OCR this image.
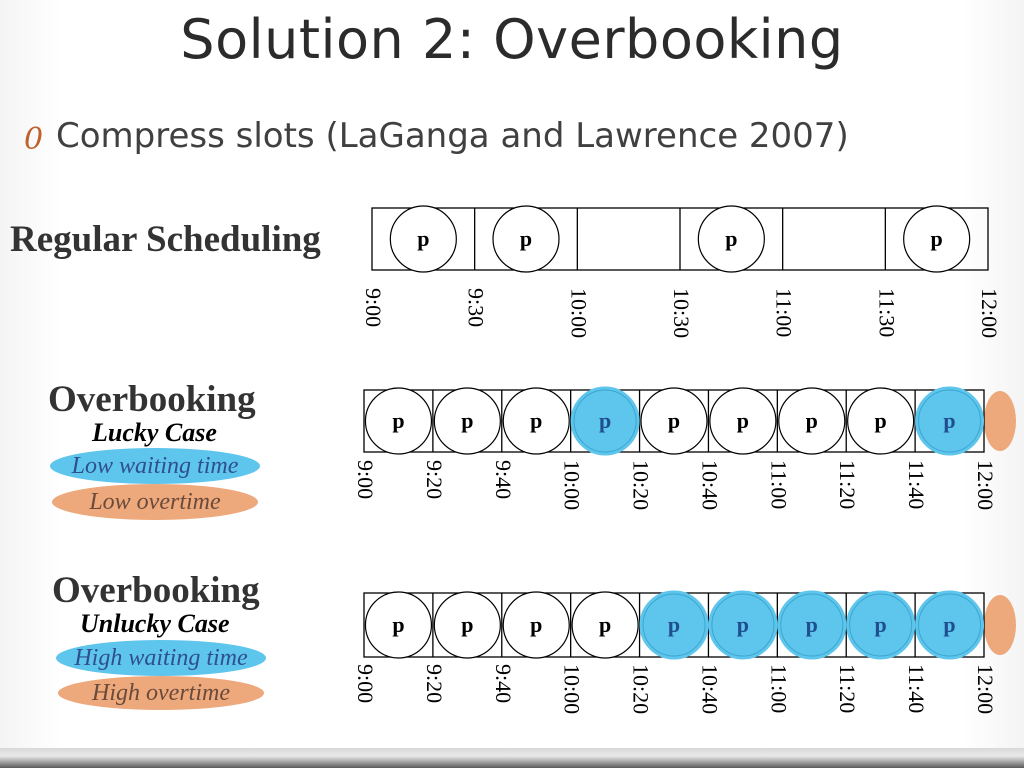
Solution 2: Overbooking
0 Compress slots (LaGanga and Lawrence 2007)
Regular Scheduling
Overbooking
Lucky Case
Low waiting time
Low overtime
Overbooking
Unlucky Case
High waiting time
High overtime
p	p	p	p
9:00	9:30	10:00	10:30	11:00	11:30	12:00
p	p	p	p	p	p	p	p	p
9:00 9:20 9:40 10:00 10:20 10:40 11:00 11:20 11:40 12:00
p	p	p	p	p	p	p	p	p
9:00 9:20 9:40 10:00 10:20 10:40 11:00 11:20 11:40 12:00
